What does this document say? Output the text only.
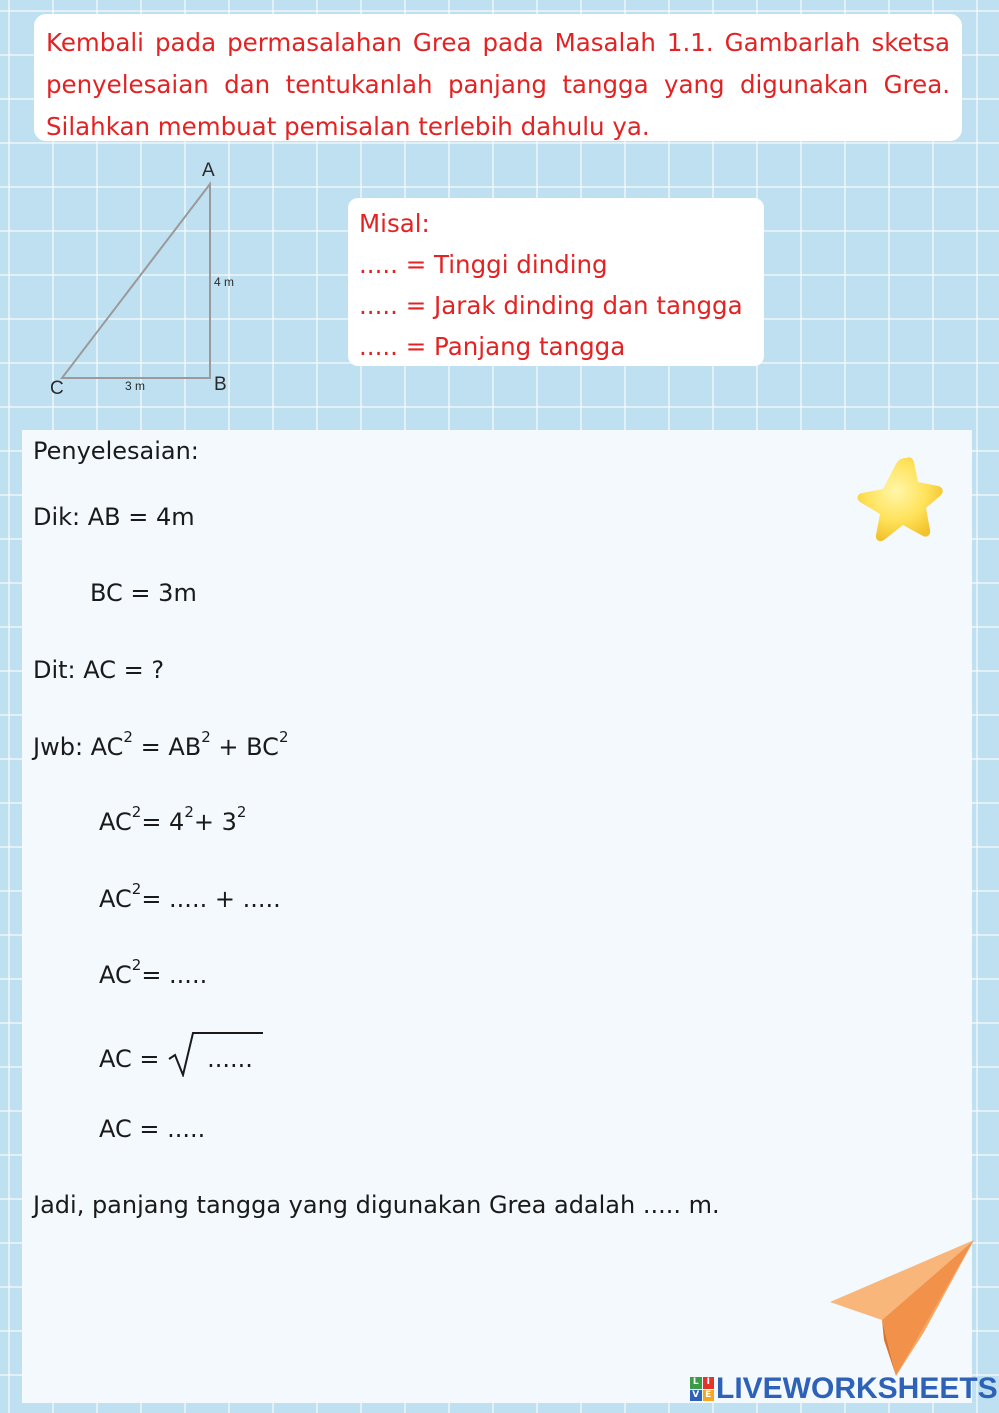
Kembali pada permasalahan Grea pada Masalah 1.1. Gambarlah sketsa penyelesaian dan tentukanlah panjang tangga yang digunakan Grea. Silahkan membuat pemisalan terlebih dahulu ya.

A
B
C
4 m
3 m
Misal:
..... = Tinggi dinding
..... = Jarak dinding dan tangga
..... = Panjang tangga
Penyelesaian:
Dik: AB = 4m
BC = 3m
Dit: AC = ?
Jwb: $AC^2 = AB^2 + BC^2$
$AC^2= 4^2+ 3^2$
$AC^2=$ ..... + .....
$AC^2=$ .....
AC = ......
AC = .....
Jadi, panjang tangga yang digunakan Grea adalah ..... m.
L I
V E LIVEWORKSHEETS
